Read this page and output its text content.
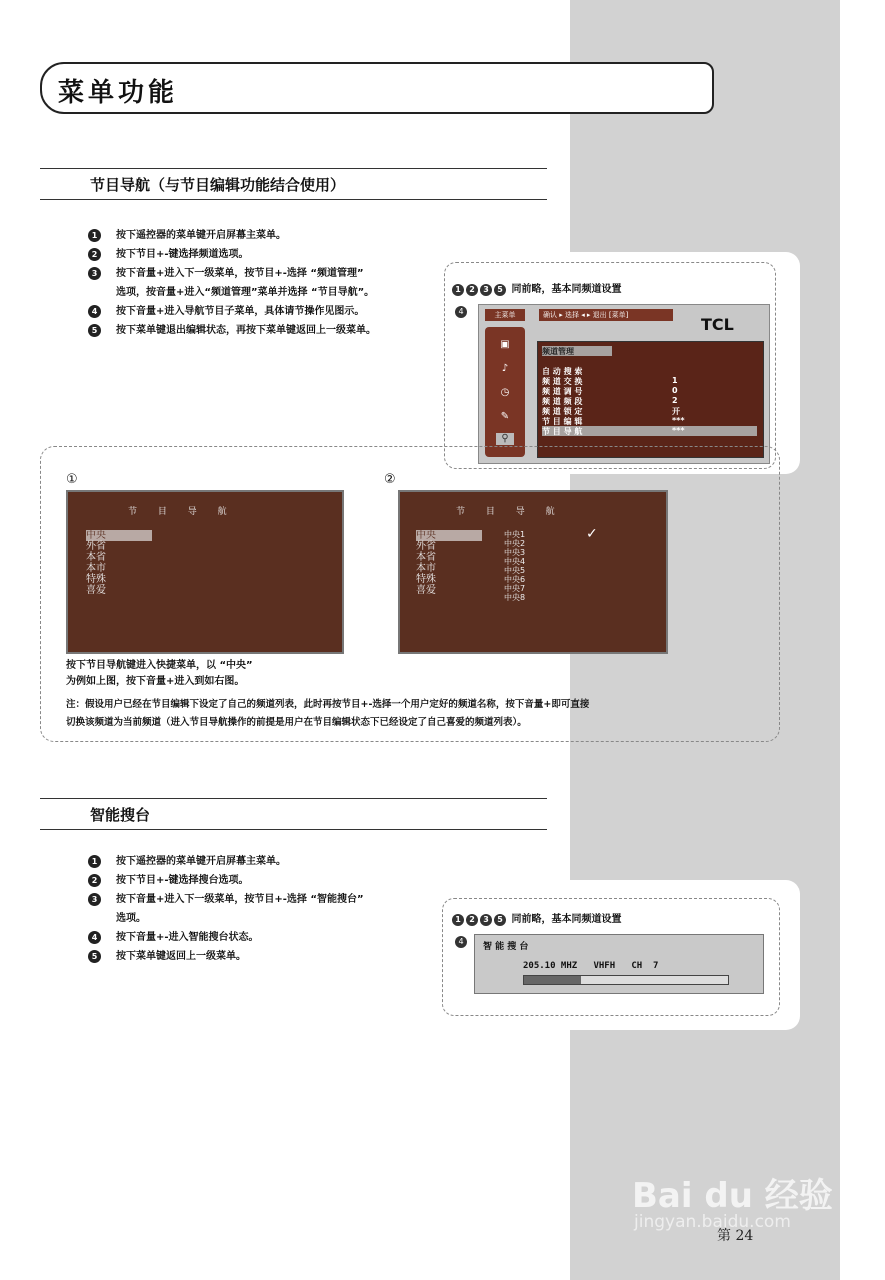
菜单功能
节目导航（与节目编辑功能结合使用）
1	按下遥控器的菜单键开启屏幕主菜单。
2	按下节目+-键选择频道选项。
3	按下音量+进入下一级菜单，按节目+-选择 “频道管理”
选项，按音量+进入“频道管理”菜单并选择 “节目导航”。
4	按下音量+进入导航节目子菜单，具体请节操作见图示。
5	按下菜单键退出编辑状态，再按下菜单键返回上一级菜单。
1 2 3 5 同前略，基本同频道设置
4	主菜单	确认 ▸ 选择 ◂ ▸ 退出 [菜单]	TCL
▣
♪
◷
✎
⚲
频道管理
自 动 搜 索
频 道 交 换	1
频 道 调 号	0
频 道 频 段	2
频 道 锁 定	开
节 目 编 辑	***
节 目 导 航	***
①
节 目 导 航
中央
外省
本省
本市
特殊
喜爱
②
节 目 导 航
中央
外省
本省
本市
特殊
喜爱
中央1
中央2
中央3
中央4
中央5
中央6
中央7
中央8
✓
按下节目导航键进入快捷菜单，以 “中央”
为例如上图，按下音量+进入到如右图。
注：假设用户已经在节目编辑下设定了自己的频道列表，此时再按节目+-选择一个用户定好的频道名称，按下音量+即可直接
切换该频道为当前频道（进入节目导航操作的前提是用户在节目编辑状态下已经设定了自己喜爱的频道列表）。
智能搜台
1	按下遥控器的菜单键开启屏幕主菜单。
2	按下节目+-键选择搜台选项。
3	按下音量+进入下一级菜单，按节目+-选择 “智能搜台”
选项。
4	按下音量+-进入智能搜台状态。
5	按下菜单键返回上一级菜单。
1 2 3 5 同前略，基本同频道设置
4
智 能 搜 台
205.10 MHZ   VHFH   CH  7
Bai du 经验
jingyan.baidu.com
第 24
